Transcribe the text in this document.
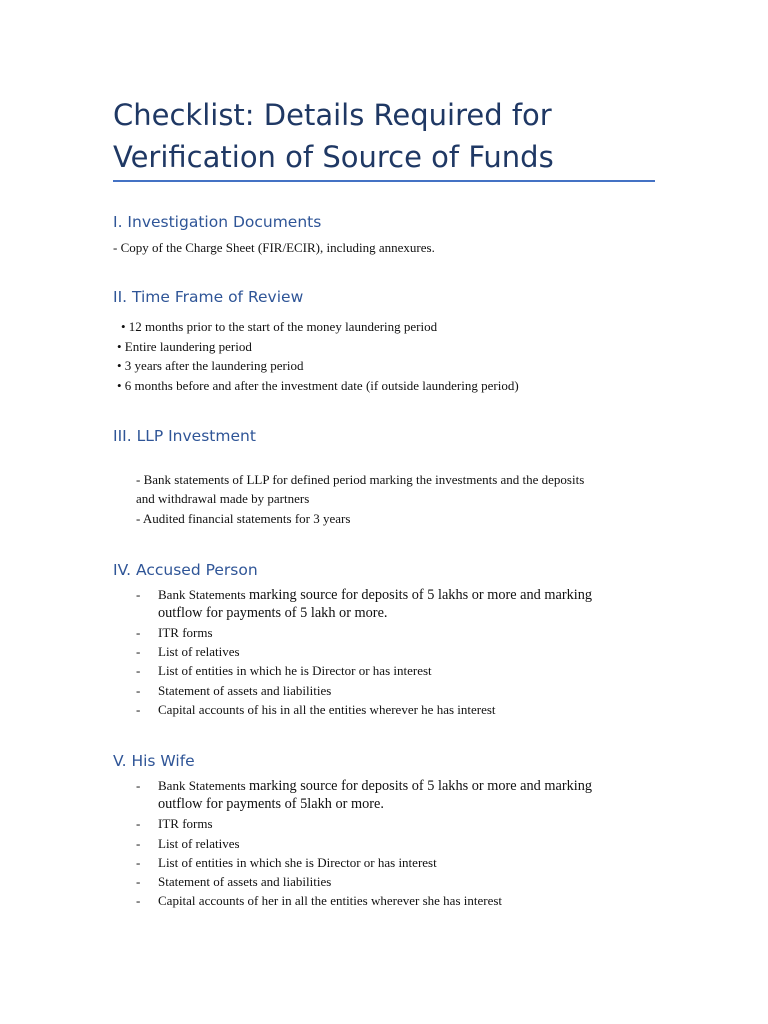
Checklist: Details Required for Verification of Source of Funds
I. Investigation Documents

- Copy of the Charge Sheet (FIR/ECIR), including annexures.

II. Time Frame of Review

• 12 months prior to the start of the money laundering period

• Entire laundering period

• 3 years after the laundering period

• 6 months before and after the investment date (if outside laundering period)

III. LLP Investment

- Bank statements of LLP for defined period marking the investments and the deposits

and withdrawal made by partners

- Audited financial statements for 3 years

IV. Accused Person
- Bank Statements marking source for deposits of 5 lakhs or more and marking
outflow for payments of 5 lakh or more.
- ITR forms
- List of relatives
- List of entities in which he is Director or has interest
- Statement of assets and liabilities
- Capital accounts of his in all the entities wherever he has interest
V. His Wife
- Bank Statements marking source for deposits of 5 lakhs or more and marking
outflow for payments of 5lakh or more.
- ITR forms
- List of relatives
- List of entities in which she is Director or has interest
- Statement of assets and liabilities
- Capital accounts of her in all the entities wherever she has interest
